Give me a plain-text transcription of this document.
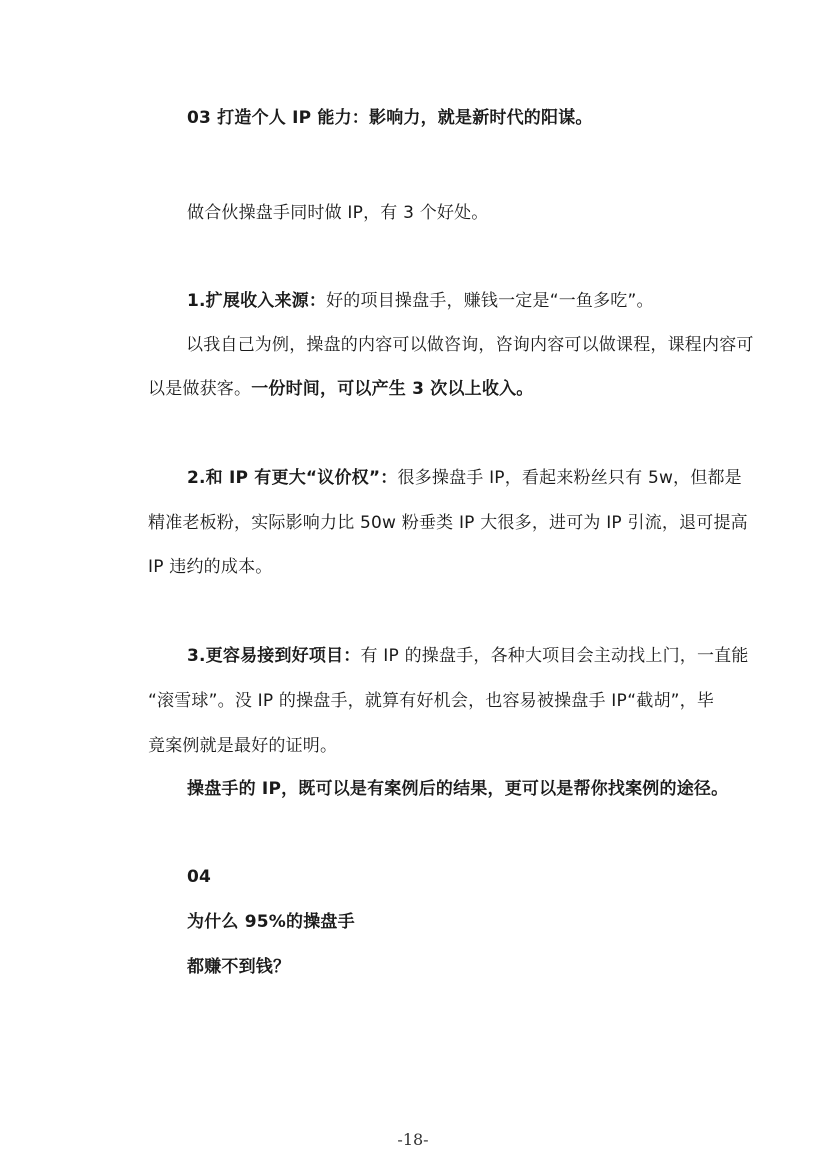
03 打造个人 IP 能力：影响力，就是新时代的阳谋。
做合伙操盘手同时做 IP，有 3 个好处。
1.扩展收入来源：好的项目操盘手，赚钱一定是“一鱼多吃”。
以我自己为例，操盘的内容可以做咨询，咨询内容可以做课程，课程内容可
以是做获客。一份时间，可以产生 3 次以上收入。
2.和 IP 有更大“议价权”：很多操盘手 IP，看起来粉丝只有 5w，但都是
精准老板粉，实际影响力比 50w 粉垂类 IP 大很多，进可为 IP 引流，退可提高
IP 违约的成本。
3.更容易接到好项目：有 IP 的操盘手，各种大项目会主动找上门，一直能
“滚雪球”。没 IP 的操盘手，就算有好机会，也容易被操盘手 IP“截胡”，毕
竟案例就是最好的证明。
操盘手的 IP，既可以是有案例后的结果，更可以是帮你找案例的途径。
04
为什么 95%的操盘手
都赚不到钱？
-18-
